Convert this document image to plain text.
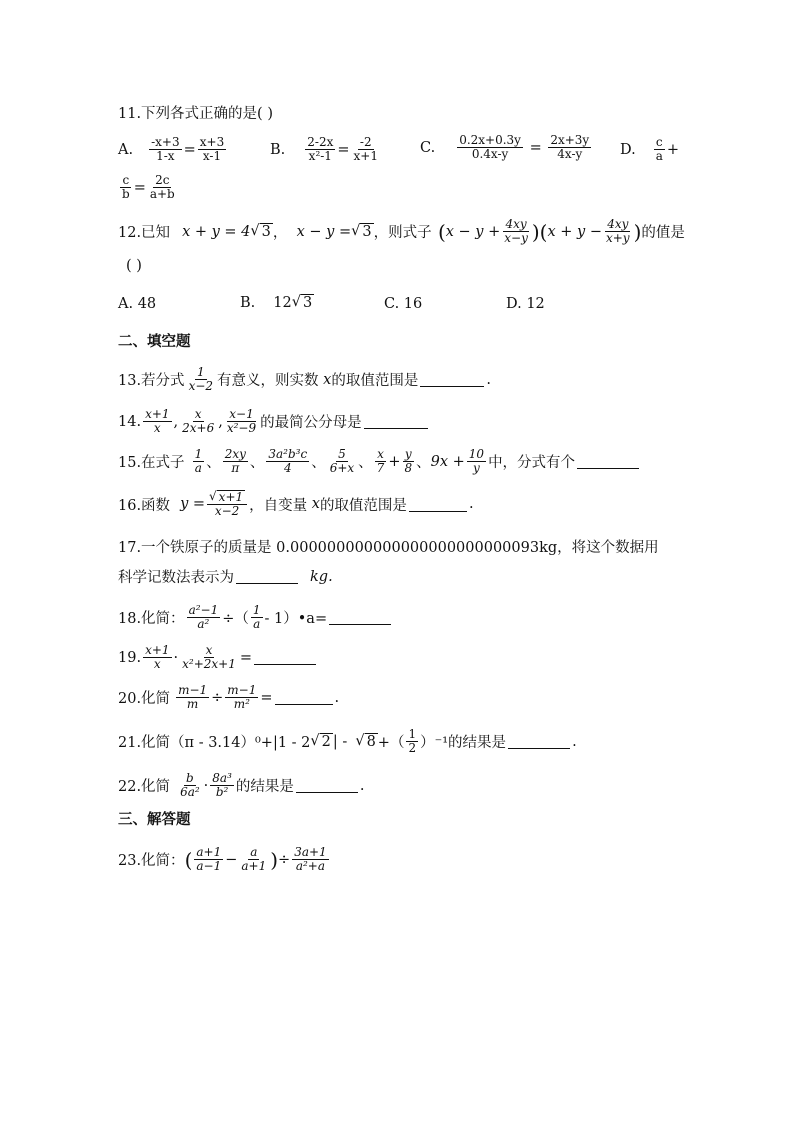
11.下列各式正确的是( )
A. $\frac{-x+3}{1-x} = \frac{x+3}{x-1}$	B. $\frac{2-2x}{\text{x²-1}} = \frac{-2}{x+1}$	C. $\frac{0.2x+0.3y}{0.4x-y} = \frac{2x+3y}{4x-y} D$. $\frac{c}{a}$ +
$\frac{c}{b} = \frac{2c}{a+b}$
12.已知 x + y = 4 √ 3 ， x − y = √ 3 ，则式子 ( $x - y + \frac{4xy}{x-y}$ )( $x + y - \frac{4xy}{x+y}$ ) 的值是
( )
A. 48	B. 12 √ 3	C. 16	D. 12
二、填空题
13.若分式 $\frac{1}{x-2}$ 有意义，则实数
x 的取值范围是	.
14. $\frac{x+1}{x}$ , $\frac{x}{2x+6}$ , $\frac{x-1}{\text{x²−9}}$ 的最简公分母是
15.在式子 $\frac{1}{a}$ 、 $\frac{2xy}{\pi}$ 、 $\frac{\text{3a²b³c}}{4}$ 、 $\frac{5}{6+x}$ 、 $\frac{x}{7} + \frac{y}{8}$ 、 $9x + \frac{10}{y}$ 中，分式有个
16.函数 $y = \frac{√ x+1}{x-2}$ ，自变量
x 的取值范围是	.
17.一个铁原子的质量是 0.000000000000000000000000093kg，将这个数据用
科学记数法表示为	kg.
18.化简： $\frac{\text{a²−1}}{\text{a²}}$ ÷（ $\frac{1}{a}$ - 1）•a=
19. $\frac{x+1}{x} \cdot \frac{x}{\text{x²+2x+1}}$ =
20.化简 $\frac{m-1}{m} \div \frac{m-1}{\text{m²}}$ =	.
21.化简（π - 3.14）⁰+|1 - 2 √ 2 | - √ 8 +（ $\frac{1}{2} )^{-1}$的结果是	.
22.化简 $\frac{b}{\text{6a²}} \cdot \frac{\text{8a³}}{\text{b²}}$ 的结果是	.
三、解答题
23.化简： ( $\frac{a+1}{a-1} - \frac{a}{a+1}$ ) ÷ $\frac{3a+1}{\text{a²+a}}$
